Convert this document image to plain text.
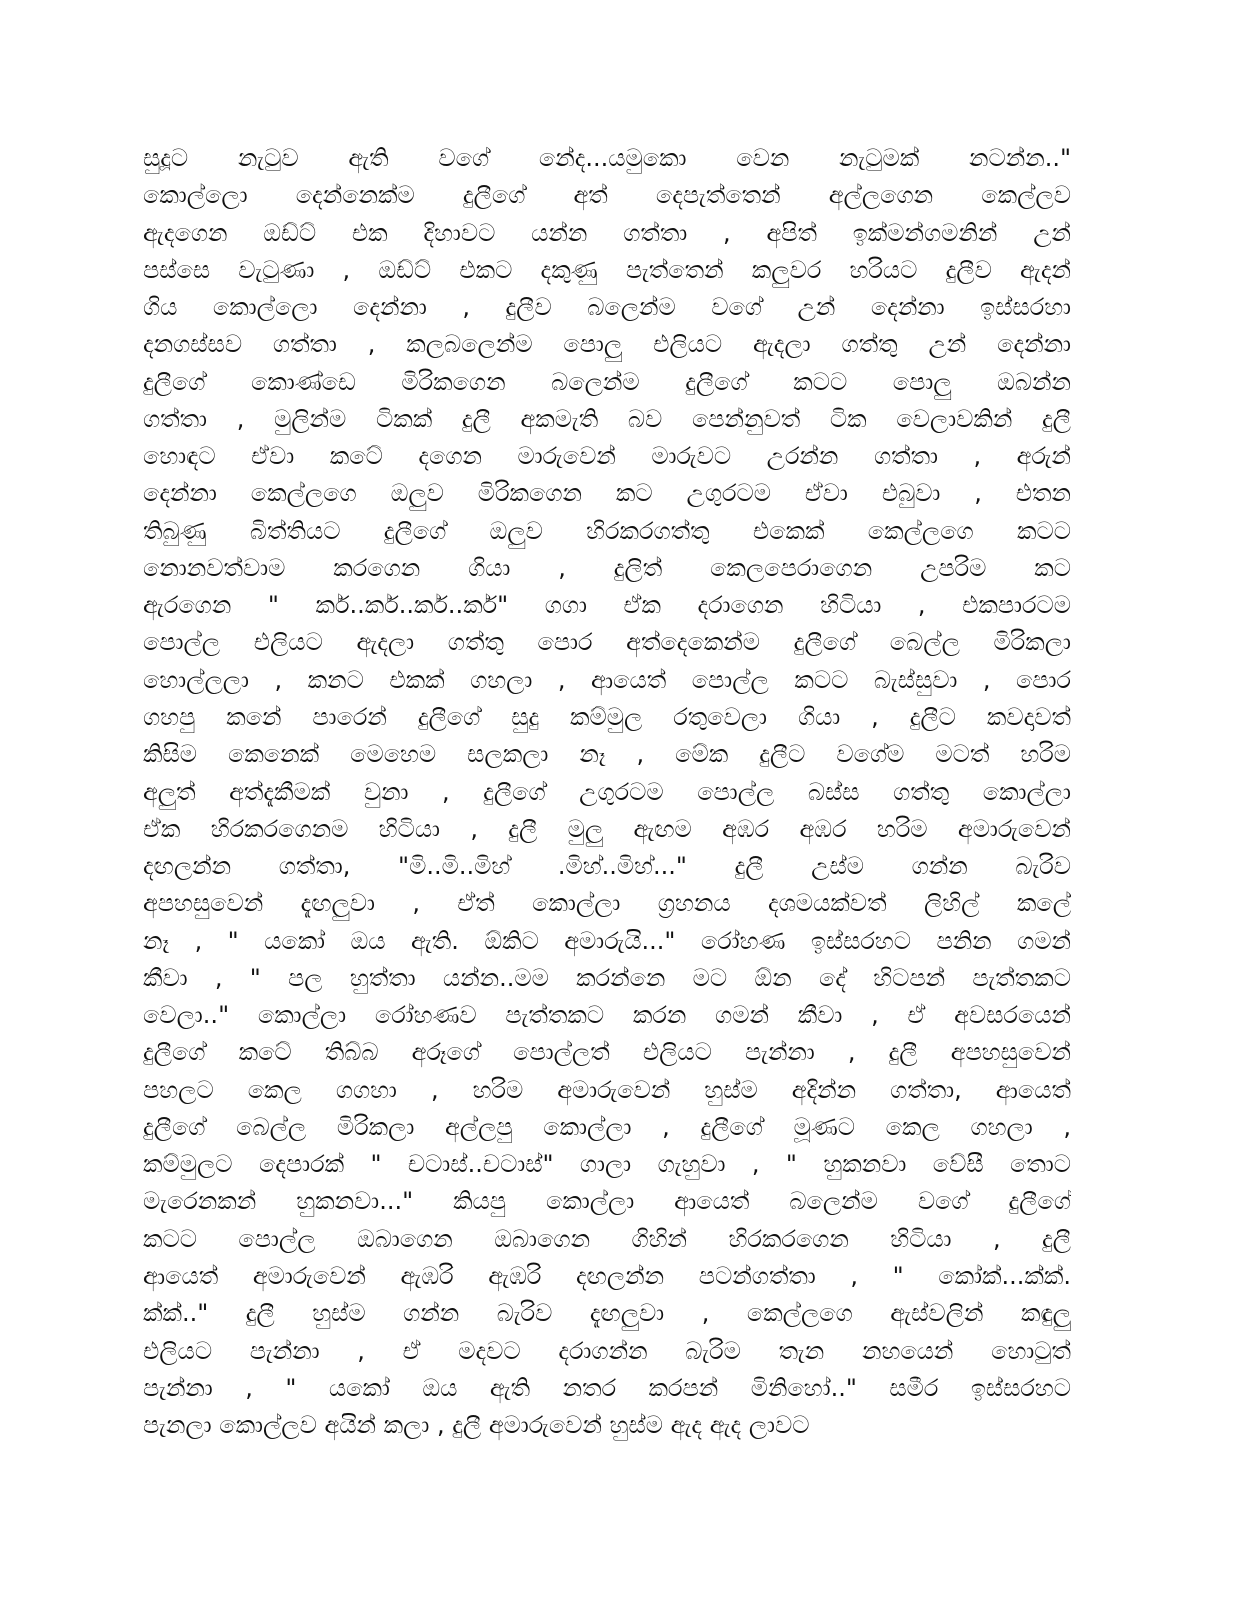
සුදූට නැටුව ඇති වගේ නේද...යමුකො වෙන නැටුමක් නටන්න.."
කොල්ලො දෙන්නෙක්ම දුලීගේ අත් දෙපැත්තෙන් අල්ලගෙන කෙල්ලව
ඇදගෙන ඔඩ්ට් එක දිහාවට යන්න ගත්තා , අපිත් ඉක්මන්ගමනින් උන්
පස්සෙ වැටුණා , ඔඩ්ට් එකට දකුණු පැත්තෙන් කලුවර හරියට දුලීව ඇදන්
ගිය කොල්ලො දෙන්නා , දුලීව බලෙන්ම වගේ උන් දෙන්නා ඉස්සරහා
දනගස්සව ගත්තා , කලබලෙන්ම පොලු එලියට ඇදලා ගත්තු උන් දෙන්නා
දුලීගේ කොණ්ඩෙ මිරිකගෙන බලෙන්ම දුලීගේ කටට පොලු ඔබන්න
ගත්තා , මුලින්ම ටිකක් දුලී අකමැති බව පෙන්නුවත් ටික වෙලාවකින් දුලී
හොඳට ඒවා කටේ දගෙන මාරුවෙන් මාරුවට උරන්න ගත්තා , අරුන්
දෙන්නා කෙල්ලගෙ ඔලුව මිරිකගෙන කට උගුරටම ඒවා එබුවා , එතන
තිබුණු බිත්තියට දුලීගේ ඔලුව හිරකරගත්තු එකෙක් කෙල්ලගෙ කටට
නොනවත්වාම කරගෙන ගියා , දුලිත් කෙලපෙරාගෙන උපරිම කට
ඇරගෙන " කර්..කර්..කර්..කර්" ගගා ඒක දරාගෙන හිටියා , එකපාරටම
පොල්ල එලියට ඇදලා ගත්තු පොර අත්දෙකෙන්ම දුලීගේ බෙල්ල මිරිකලා
හොල්ලලා , කනට එකක් ගහලා , ආයෙත් පොල්ල කටට බැස්සුවා , පොර
ගහපු කනේ පාරෙන් දුලීගේ සුදු කම්මුල රතුවෙලා ගියා , දුලීට කවදාවත්
කිසිම කෙනෙක් මෙහෙම සලකලා නෑ , මේක දුලීට වගේම මටත් හරිම
අලුත් අත්දැකීමක් වුනා , දුලීගේ උගුරටම පොල්ල බස්ස ගත්තු කොල්ලා
ඒක හිරකරගෙනම හිටියා , දුලී මුලු ඇඟම අඹර අඹර හරිම අමාරුවෙන්
දඟලන්න ගත්තා, "මි..මි..මිහ් .මිහ්..මිහ්..." දුලී උස්ම ගන්න බැරිව
අපහසුවෙන් දැඟලුවා , ඒත් කොල්ලා ග්‍රහනය දශමයක්වත් ලිහිල් කලේ
නෑ , " යකෝ ඔය ඇති. ඕකිට අමාරුයි..." රෝහණ ඉස්සරහට පනින ගමන්
කීවා , " පල හුත්තා යන්න..මම කරන්නෙ මට ඕන දේ හිටපන් පැත්තකට
වෙලා.." කොල්ලා රෝහණව පැත්තකට කරන ගමන් කීවා , ඒ අවසරයෙන්
දුලීගේ කටේ තිබ්බ අරූගේ පොල්ලත් එලියට පැන්නා , දුලී අපහසුවෙන්
පහලට කෙල ගගහා , හරිම අමාරුවෙන් හුස්ම අදින්න ගත්තා, ආයෙත්
දුලීගේ බෙල්ල මිරිකලා අල්ලපු කොල්ලා , දුලීගේ මූණට කෙල ගහලා ,
කම්මුලට දෙපාරක් " චටාස්..චටාස්" ගාලා ගැහුවා , " හුකනවා වේසී තොට
මැරෙනකන් හුකනවා..." කියපු කොල්ලා ආයෙත් බලෙන්ම වගේ දුලීගේ
කටට පොල්ල ඔබාගෙන ඔබාගෙන ගිහින් හිරකරගෙන හිටියා , දුලී
ආයෙත් අමාරුවෙන් ඇඹරි ඇඹරි දඟලන්න පටන්ගත්තා , " කෝක්...ක්ක්.
ක්ක්.." දුලී හුස්ම ගන්න බැරිව දැඟලුවා , කෙල්ලගෙ ඇස්වලින් කඳුලු
එලියට පැන්නා , ඒ මදවට දරාගන්න බැරිම තැන නහයෙන් හොටුත්
පැන්නා , " යකෝ ඔය ඇති නතර කරපන් මිනිහෝ.." සමීර ඉස්සරහට
පැනලා කොල්ලව අයින් කලා , දුලී අමාරුවෙන් හුස්ම ඇද ඇද ලාවට
